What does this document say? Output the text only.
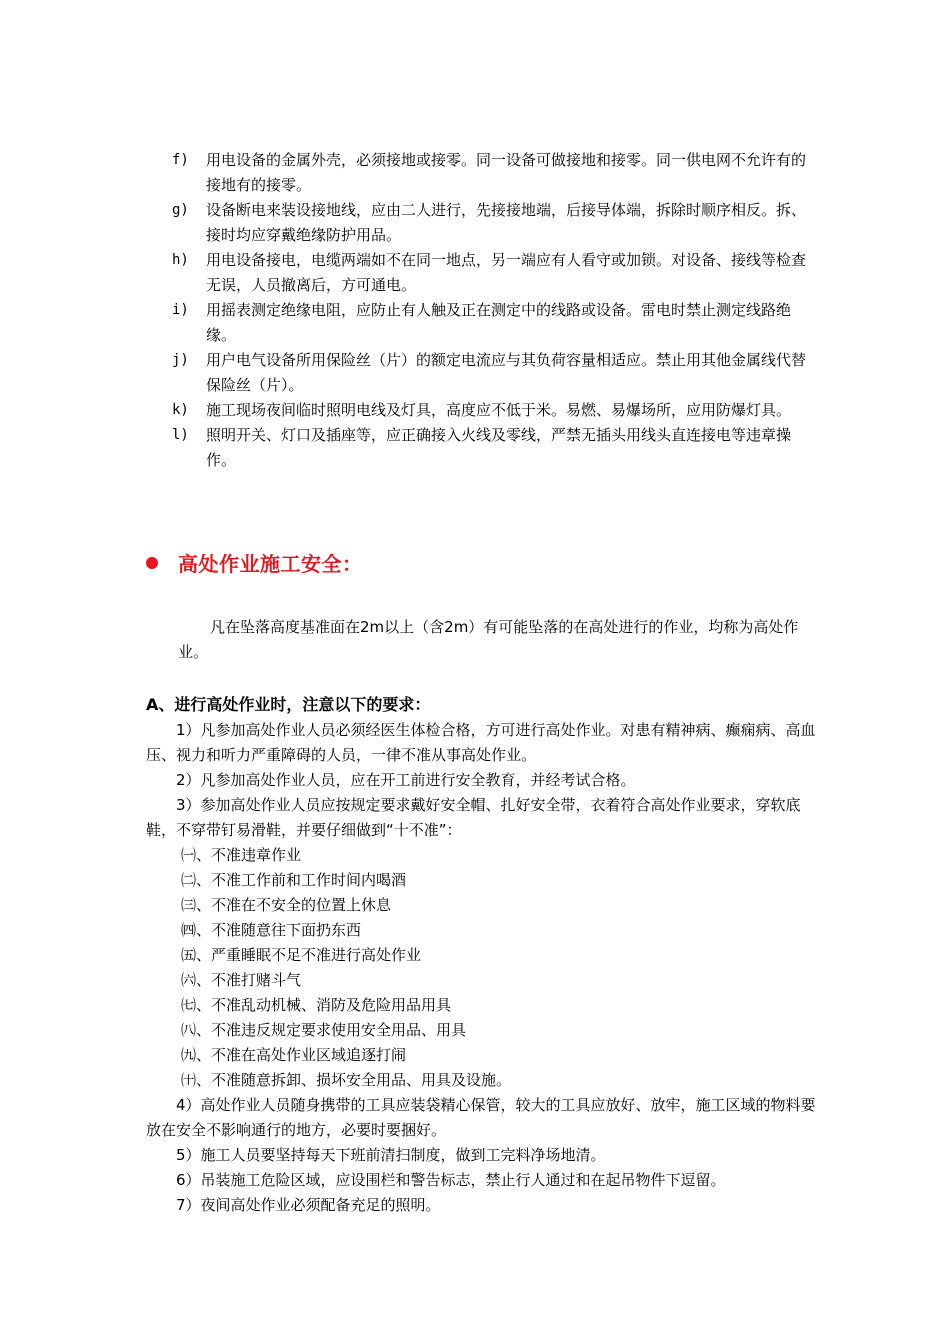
f)	用电设备的金属外壳，必须接地或接零。同一设备可做接地和接零。同一供电网不允许有的接地有的接零。
g)	设备断电来装设接地线，应由二人进行，先接接地端，后接导体端，拆除时顺序相反。拆、接时均应穿戴绝缘防护用品。
h)	用电设备接电，电缆两端如不在同一地点，另一端应有人看守或加锁。对设备、接线等检查无误，人员撤离后，方可通电。
i)	用摇表测定绝缘电阻，应防止有人触及正在测定中的线路或设备。雷电时禁止测定线路绝缘。
j)	用户电气设备所用保险丝（片）的额定电流应与其负荷容量相适应。禁止用其他金属线代替保险丝（片）。
k)	施工现场夜间临时照明电线及灯具，高度应不低于米。易燃、易爆场所，应用防爆灯具。
l)	照明开关、灯口及插座等，应正确接入火线及零线，严禁无插头用线头直连接电等违章操作。
高处作业施工安全：
凡在坠落高度基准面在2m以上（含2m）有可能坠落的在高处进行的作业，均称为高处作业。
A、进行高处作业时，注意以下的要求：
1）凡参加高处作业人员必须经医生体检合格，方可进行高处作业。对患有精神病、癫痫病、高血压、视力和听力严重障碍的人员，一律不准从事高处作业。
2）凡参加高处作业人员，应在开工前进行安全教育，并经考试合格。
3）参加高处作业人员应按规定要求戴好安全帽、扎好安全带，衣着符合高处作业要求，穿软底鞋，不穿带钉易滑鞋，并要仔细做到“十不准”：
㈠、不准违章作业
㈡、不准工作前和工作时间内喝酒
㈢、不准在不安全的位置上休息
㈣、不准随意往下面扔东西
㈤、严重睡眠不足不准进行高处作业
㈥、不准打赌斗气
㈦、不准乱动机械、消防及危险用品用具
㈧、不准违反规定要求使用安全用品、用具
㈨、不准在高处作业区域追逐打闹
㈩、不准随意拆卸、损坏安全用品、用具及设施。
4）高处作业人员随身携带的工具应装袋精心保管，较大的工具应放好、放牢，施工区域的物料要放在安全不影响通行的地方，必要时要捆好。
5）施工人员要坚持每天下班前清扫制度，做到工完料净场地清。
6）吊装施工危险区域，应设围栏和警告标志，禁止行人通过和在起吊物件下逗留。
7）夜间高处作业必须配备充足的照明。
